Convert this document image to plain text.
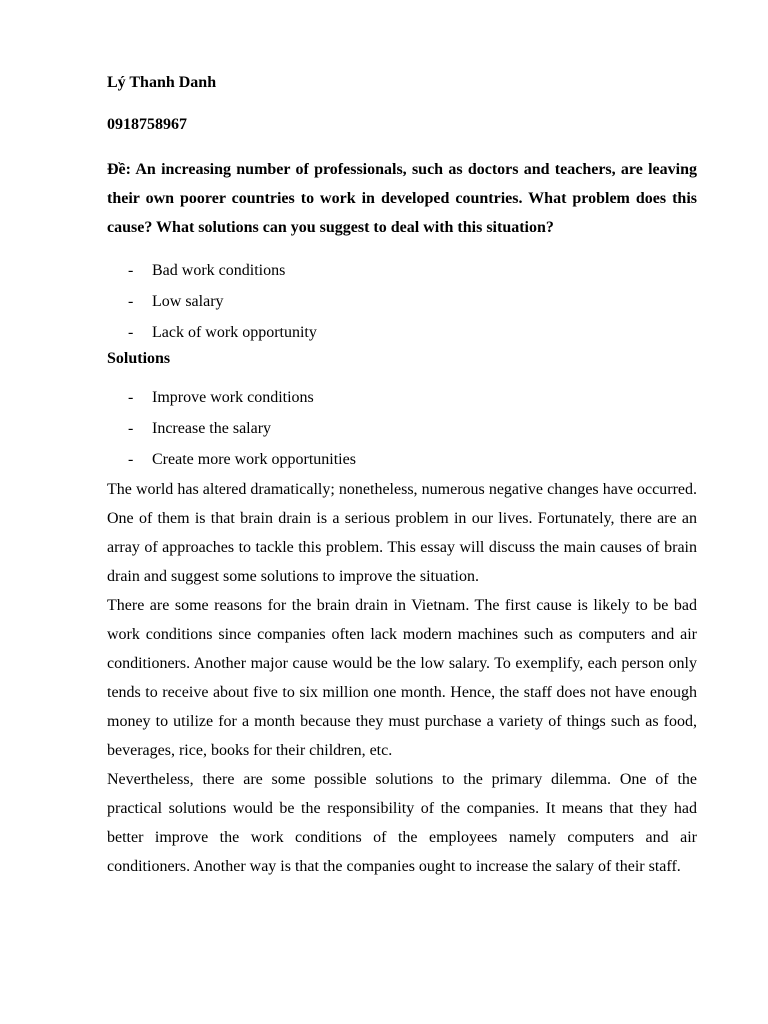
Lý Thanh Danh

0918758967

Đề: An increasing number of professionals, such as doctors and teachers, are leaving their own poorer countries to work in developed countries. What problem does this cause? What solutions can you suggest to deal with this situation?

- Bad work conditions
- Low salary
- Lack of work opportunity

Solutions

- Improve work conditions
- Increase the salary
- Create more work opportunities

The world has altered dramatically; nonetheless, numerous negative changes have occurred. One of them is that brain drain is a serious problem in our lives. Fortunately, there are an array of approaches to tackle this problem. This essay will discuss the main causes of brain drain and suggest some solutions to improve the situation.

There are some reasons for the brain drain in Vietnam. The first cause is likely to be bad work conditions since companies often lack modern machines such as computers and air conditioners. Another major cause would be the low salary. To exemplify, each person only tends to receive about five to six million one month. Hence, the staff does not have enough money to utilize for a month because they must purchase a variety of things such as food, beverages, rice, books for their children, etc.

Nevertheless, there are some possible solutions to the primary dilemma. One of the practical solutions would be the responsibility of the companies. It means that they had better improve the work conditions of the employees namely computers and air conditioners. Another way is that the companies ought to increase the salary of their staff.
